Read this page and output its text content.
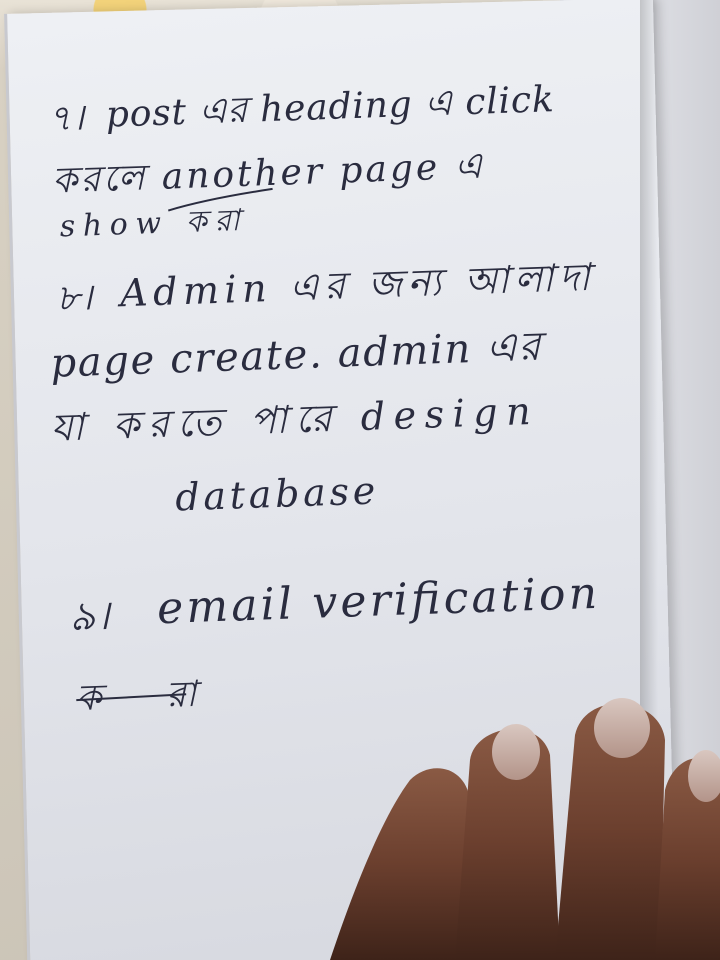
৭। post এর heading এ click
করলে another page এ
show করা
৮। Admin এর জন্য আলাদা
page create. admin এর
যা করতে পারে design
database
৯। email verification
করা
